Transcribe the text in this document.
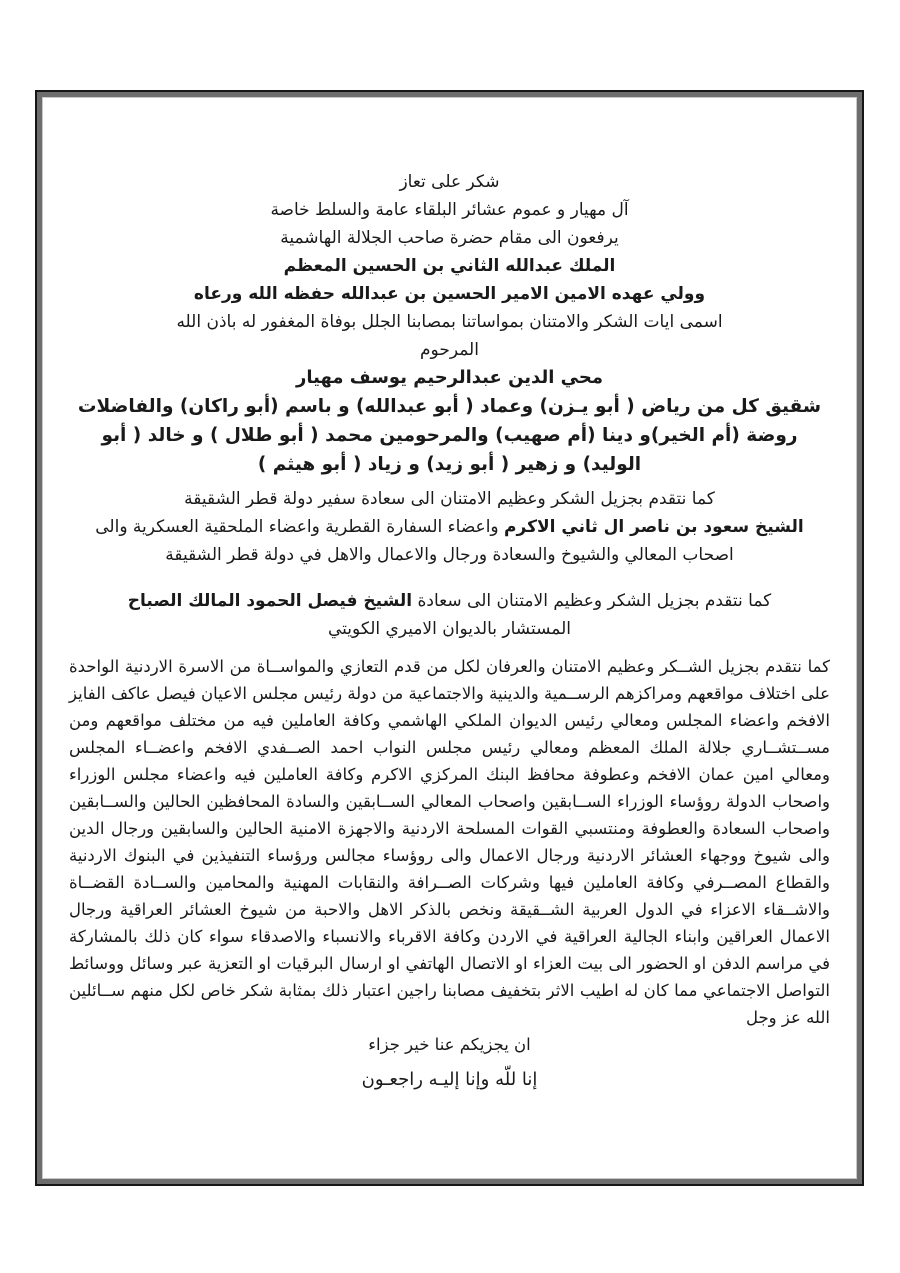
شكر على تعاز
آل مهيار و عموم عشائر البلقاء عامة والسلط خاصة
يرفعون الى مقام حضرة صاحب الجلالة الهاشمية
الملك عبدالله الثاني بن الحسين المعظم
وولي عهده الامين الامير الحسين بن عبدالله حفظه الله ورعاه
اسمى ايات الشكر والامتنان بمواساتنا بمصابنا الجلل بوفاة المغفور له باذن الله
المرحوم
محي الدين عبدالرحيم يوسف مهيار
شقيق كل من رياض ( أبو يـزن) وعماد ( أبو عبدالله) و باسم (أبو راكان) والفاضلات روضة (أم الخير)و دينا (أم صهيب) والمرحومين محمد ( أبو طلال ) و خالد ( أبو الوليد) و زهير ( أبو زيد) و زياد ( أبو هيثم )
كما نتقدم بجزيل الشكر وعظيم الامتنان الى سعادة سفير دولة قطر الشقيقة
الشيخ سعود بن ناصر ال ثاني الاكرم واعضاء السفارة القطرية واعضاء الملحقية العسكرية والى
اصحاب المعالي والشيوخ والسعادة ورجال والاعمال والاهل في دولة قطر الشقيقة
كما نتقدم بجزيل الشكر وعظيم الامتنان الى سعادة الشيخ فيصل الحمود المالك الصباح
المستشار بالديوان الاميري الكويتي
كما نتقدم بجزيل الشــكر وعظيم الامتنان والعرفان لكل من قدم التعازي والمواســاة من الاسرة الاردنية الواحدة على اختلاف مواقعهم ومراكزهم الرســمية والدينية والاجتماعية من دولة رئيس مجلس الاعيان فيصل عاكف الفايز الافخم واعضاء المجلس ومعالي رئيس الديوان الملكي الهاشمي وكافة العاملين فيه من مختلف مواقعهم ومن مســتشــاري جلالة الملك المعظم ومعالي رئيس مجلس النواب احمد الصــفدي الافخم واعضــاء المجلس ومعالي امين عمان الافخم وعطوفة محافظ البنك المركزي الاكرم وكافة العاملين فيه واعضاء مجلس الوزراء واصحاب الدولة روؤساء الوزراء الســابقين واصحاب المعالي الســابقين والسادة المحافظين الحالين والســابقين واصحاب السعادة والعطوفة ومنتسبي القوات المسلحة الاردنية والاجهزة الامنية الحالين والسابقين ورجال الدين والى شيوخ ووجهاء العشائر الاردنية ورجال الاعمال والى روؤساء مجالس ورؤساء التنفيذين في البنوك الاردنية والقطاع المصــرفي وكافة العاملين فيها وشركات الصــرافة والنقابات المهنية والمحامين والســادة القضــاة والاشــقاء الاعزاء في الدول العربية الشــقيقة ونخص بالذكر الاهل والاحبة من شيوخ العشائر العراقية ورجال الاعمال العراقين وابناء الجالية العراقية في الاردن وكافة الاقرباء والانسباء والاصدقاء سواء كان ذلك بالمشاركة في مراسم الدفن او الحضور الى بيت العزاء او الاتصال الهاتفي او ارسال البرقيات او التعزية عبر وسائل ووسائط التواصل الاجتماعي مما كان له اطيب الاثر بتخفيف مصابنا راجين اعتبار ذلك بمثابة شكر خاص لكل منهم ســائلين الله عز وجل
ان يجزيكم عنا خير جزاء
إنا للّه وإنا إليـه راجعـون
